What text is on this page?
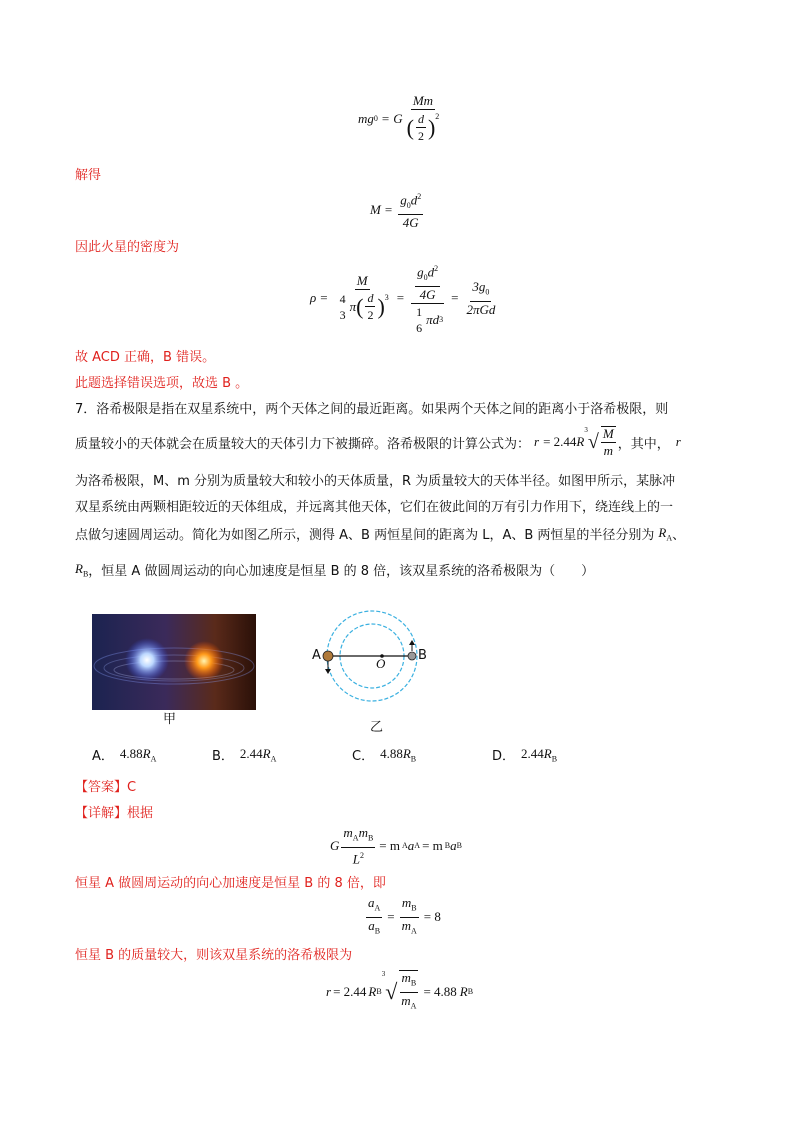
m g 0 = G $\frac{Mm}{( \frac{d}{2} )^2}$
解得
$M = \frac{g_0d^2}{4G}$
因此火星的密度为
ρ = M
4
3
π ( $\frac{d}{2} )^3 = \frac{g_0d^2}{4G}$
1
6
πd $3 = \frac{3g_0}{\text{2πGd}}$
故 ACD 正确，B 错误。
此题选择错误选项，故选 B 。
7．洛希极限是指在双星系统中，两个天体之间的最近距离。如果两个天体之间的距离小于洛希极限，则
质量较小的天体就会在质量较大的天体引力下被撕碎。洛希极限的计算公式为： r = 2.44 R
3
√ $\frac{M}{m}$ ，其中， r
为洛希极限，M、m 分别为质量较大和较小的天体质量，R 为质量较大的天体半径。如图甲所示，某脉冲
双星系统由两颗相距较近的天体组成，并远离其他天体，它们在彼此间的万有引力作用下，绕连线上的一
点做匀速圆周运动。简化为如图乙所示，测得 A、B 两恒星间的距离为 L，A、B 两恒星的半径分别为 $R_A$ 、
$R_B$ ，恒星 A 做圆周运动的向心加速度是恒星 B 的 8 倍，该双星系统的洛希极限为（　　）
甲
A	B
O
乙
A． $4.88R_A$	B． $2.44R_A$	C． $4.88R_B$	D． $2.44R_B$
【答案】C
【详解】根据
G $\frac{m_Am_B}{L^2} = m$ A a A = m B a B
恒星 A 做圆周运动的向心加速度是恒星 B 的 8 倍，即
$\frac{a_A}{a_B} = \frac{m_B}{m_A} = 8$
恒星 B 的质量较大，则该双星系统的洛希极限为
r = 2.44 R B
3
√ $\frac{m_B}{m_A} = 4.88$ R B
